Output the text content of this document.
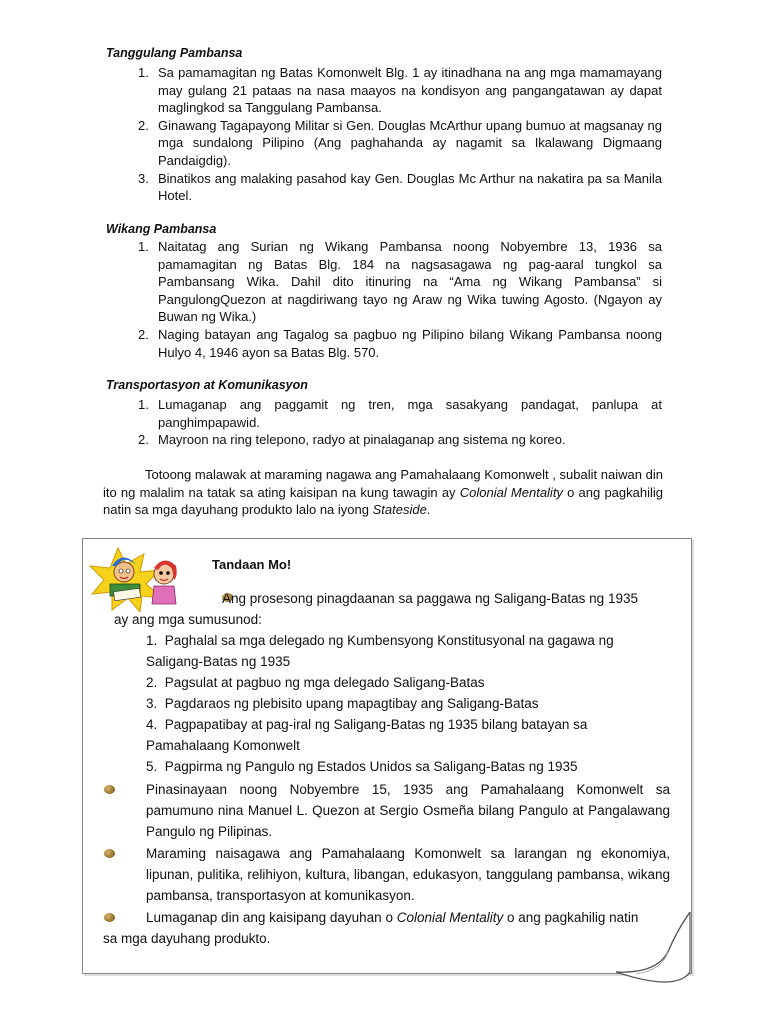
Tanggulang Pambansa
1. Sa pamamagitan ng Batas Komonwelt Blg. 1 ay itinadhana na ang mga mamamayang may gulang 21 pataas na nasa maayos na kondisyon ang pangangatawan ay dapat maglingkod sa Tanggulang Pambansa.
2. Ginawang Tagapayong Militar si Gen. Douglas McArthur upang bumuo at magsanay ng mga sundalong Pilipino (Ang paghahanda ay nagamit sa Ikalawang Digmaang Pandaigdig).
3. Binatikos ang malaking pasahod kay Gen. Douglas Mc Arthur na nakatira pa sa Manila Hotel.
Wikang Pambansa
1. Naitatag ang Surian ng Wikang Pambansa noong Nobyembre 13, 1936 sa pamamagitan ng Batas Blg. 184 na nagsasagawa ng pag-aaral tungkol sa Pambansang Wika. Dahil dito itinuring na “Ama ng Wikang Pambansa” si PangulongQuezon at nagdiriwang tayo ng Araw ng Wika tuwing Agosto. (Ngayon ay Buwan ng Wika.)
2. Naging batayan ang Tagalog sa pagbuo ng Pilipino bilang Wikang Pambansa noong Hulyo 4, 1946 ayon sa Batas Blg. 570.
Transportasyon at Komunikasyon
1. Lumaganap ang paggamit ng tren, mga sasakyang pandagat, panlupa at panghimpapawid.
2. Mayroon na ring telepono, radyo at pinalaganap ang sistema ng koreo.

Totoong malawak at maraming nagawa ang Pamahalaang Komonwelt , subalit naiwan din ito ng malalim na tatak sa ating kaisipan na kung tawagin ay Colonial Mentality o ang pagkahilig natin sa mga dayuhang produkto lalo na iyong Stateside.

Tandaan Mo!

Ang prosesong pinagdaanan sa paggawa ng Saligang-Batas ng 1935 ay ang mga sumusunod:

1. Paghalal sa mga delegado ng Kumbensyong Konstitusyonal na gagawa ng Saligang-Batas ng 1935
2. Pagsulat at pagbuo ng mga delegado Saligang-Batas
3. Pagdaraos ng plebisito upang mapagtibay ang Saligang-Batas
4. Pagpapatibay at pag-iral ng Saligang-Batas ng 1935 bilang batayan sa Pamahalaang Komonwelt
5. Pagpirma ng Pangulo ng Estados Unidos sa Saligang-Batas ng 1935

Pinasinayaan noong Nobyembre 15, 1935 ang Pamahalaang Komonwelt sa pamumuno nina Manuel L. Quezon at Sergio Osmeña bilang Pangulo at Pangalawang Pangulo ng Pilipinas.

Maraming naisagawa ang Pamahalaang Komonwelt sa larangan ng ekonomiya, lipunan, pulitika, relihiyon, kultura, libangan, edukasyon, tanggulang pambansa, wikang pambansa, transportasyon at komunikasyon.

Lumaganap din ang kaisipang dayuhan o Colonial Mentality o ang pagkahilig natin sa mga dayuhang produkto.
